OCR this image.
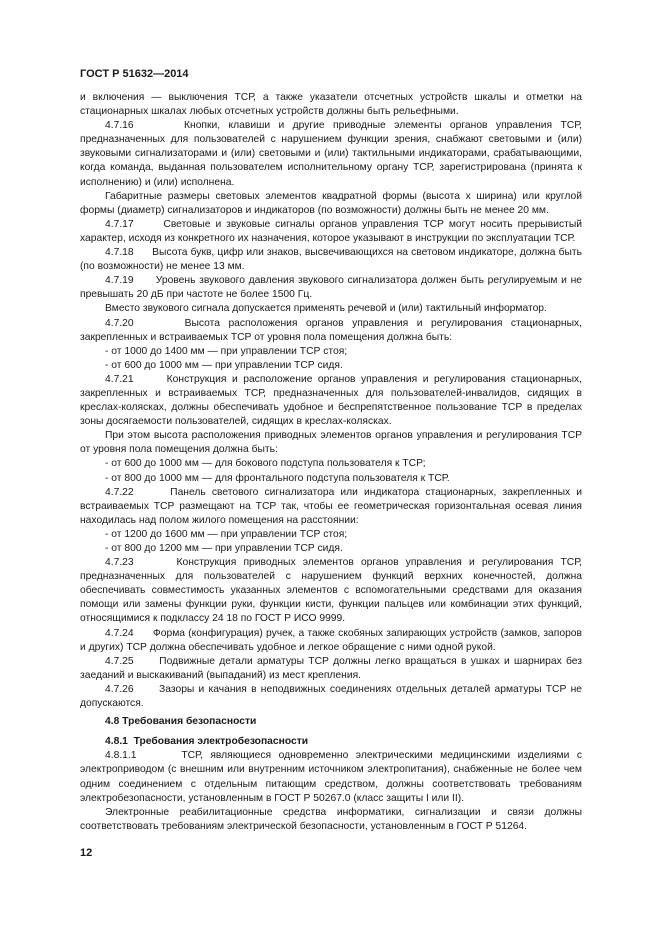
ГОСТ Р 51632—2014

и включения — выключения ТСР, а также указатели отсчетных устройств шкалы и отметки на стационарных шкалах любых отсчетных устройств должны быть рельефными.

4.7.16      Кнопки, клавиши и другие приводные элементы органов управления ТСР, предназначенных для пользователей с нарушением функции зрения, снабжают световыми и (или) звуковыми сигнализаторами и (или) световыми и (или) тактильными индикаторами, срабатывающими, когда команда, выданная пользователем исполнительному органу ТСР, зарегистрирована (принята к исполнению) и (или) исполнена.

Габаритные размеры световых элементов квадратной формы (высота х ширина) или круглой формы (диаметр) сигнализаторов и индикаторов (по возможности) должны быть не менее 20 мм.

4.7.17      Световые и звуковые сигналы органов управления ТСР могут носить прерывистый характер, исходя из конкретного их назначения, которое указывают в инструкции по эксплуатации ТСР.

4.7.18      Высота букв, цифр или знаков, высвечивающихся на световом индикаторе, должна быть (по возможности) не менее 13 мм.

4.7.19      Уровень звукового давления звукового сигнализатора должен быть регулируемым и не превышать 20 дБ при частоте не более 1500 Гц.

Вместо звукового сигнала допускается применять речевой и (или) тактильный информатор.

4.7.20      Высота расположения органов управления и регулирования стационарных, закрепленных и встраиваемых ТСР от уровня пола помещения должна быть:

- от 1000 до 1400 мм — при управлении ТСР стоя;

- от 600 до 1000 мм — при управлении ТСР сидя.

4.7.21      Конструкция и расположение органов управления и регулирования стационарных, закрепленных и встраиваемых ТСР, предназначенных для пользователей-инвалидов, сидящих в креслах-колясках, должны обеспечивать удобное и беспрепятственное пользование ТСР в пределах зоны досягаемости пользователей, сидящих в креслах-колясках.

При этом высота расположения приводных элементов органов управления и регулирования ТСР от уровня пола помещения должна быть:

- от 600 до 1000 мм — для бокового подступа пользователя к ТСР;

- от 800 до 1000 мм — для фронтального подступа пользователя к ТСР.

4.7.22      Панель светового сигнализатора или индикатора стационарных, закрепленных и встраиваемых ТСР размещают на ТСР так, чтобы ее геометрическая горизонтальная осевая линия находилась над полом жилого помещения на расстоянии:

- от 1200 до 1600 мм — при управлении ТСР стоя;

- от 800 до 1200 мм — при управлении ТСР сидя.

4.7.23      Конструкция приводных элементов органов управления и регулирования ТСР, предназначенных для пользователей с нарушением функций верхних конечностей, должна обеспечивать совместимость указанных элементов с вспомогательными средствами для оказания помощи или замены функции руки, функции кисти, функции пальцев или комбинации этих функций, относящимися к подклассу 24 18 по ГОСТ Р ИСО 9999.

4.7.24      Форма (конфигурация) ручек, а также скобяных запирающих устройств (замков, запоров и других) ТСР должна обеспечивать удобное и легкое обращение с ними одной рукой.

4.7.25      Подвижные детали арматуры ТСР должны легко вращаться в ушках и шарнирах без заеданий и выскакиваний (выпаданий) из мест крепления.

4.7.26      Зазоры и качания в неподвижных соединениях отдельных деталей арматуры ТСР не допускаются.

4.8 Требования безопасности

4.8.1  Требования электробезопасности

4.8.1.1      ТСР, являющиеся одновременно электрическими медицинскими изделиями с электроприводом (с внешним или внутренним источником электропитания), снабженные не более чем одним соединением с отдельным питающим средством, должны соответствовать требованиям электробезопасности, установленным в ГОСТ Р 50267.0 (класс защиты I или II).

Электронные реабилитационные средства информатики, сигнализации и связи должны соответствовать требованиям электрической безопасности, установленным в ГОСТ Р 51264.

12
